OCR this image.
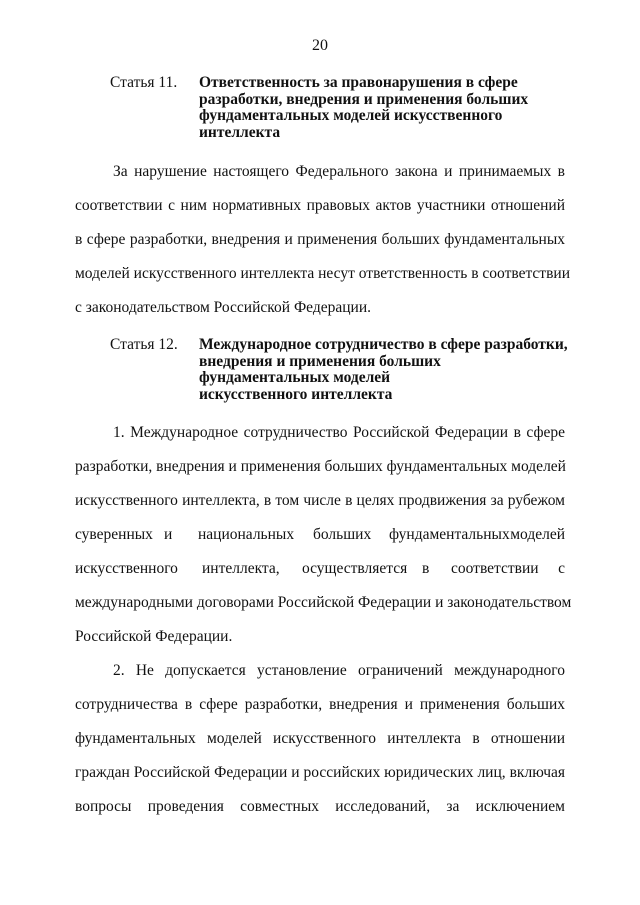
20
Статья 11.	Ответственность за правонарушения в сфере
разработки, внедрения и применения больших
фундаментальных моделей искусственного
интеллекта
За нарушение настоящего Федерального закона и принимаемых в
соответствии с ним нормативных правовых актов участники отношений
в сфере разработки, внедрения и применения больших фундаментальных
моделей искусственного интеллекта несут ответственность в соответствии
с законодательством Российской Федерации.
Статья 12.	Международное сотрудничество в сфере разработки,
внедрения и применения больших
фундаментальных моделей
искусственного интеллекта
1. Международное сотрудничество Российской Федерации в сфере
разработки, внедрения и применения больших фундаментальных моделей
искусственного интеллекта, в том числе в целях продвижения за рубежом
суверенных и национальных больших фундаментальных моделей
искусственного интеллекта, осуществляется в соответствии с
международными договорами Российской Федерации и законодательством
Российской Федерации.
2. Не допускается установление ограничений международного
сотрудничества в сфере разработки, внедрения и применения больших
фундаментальных моделей искусственного интеллекта в отношении
граждан Российской Федерации и российских юридических лиц, включая
вопросы проведения совместных исследований, за исключением
